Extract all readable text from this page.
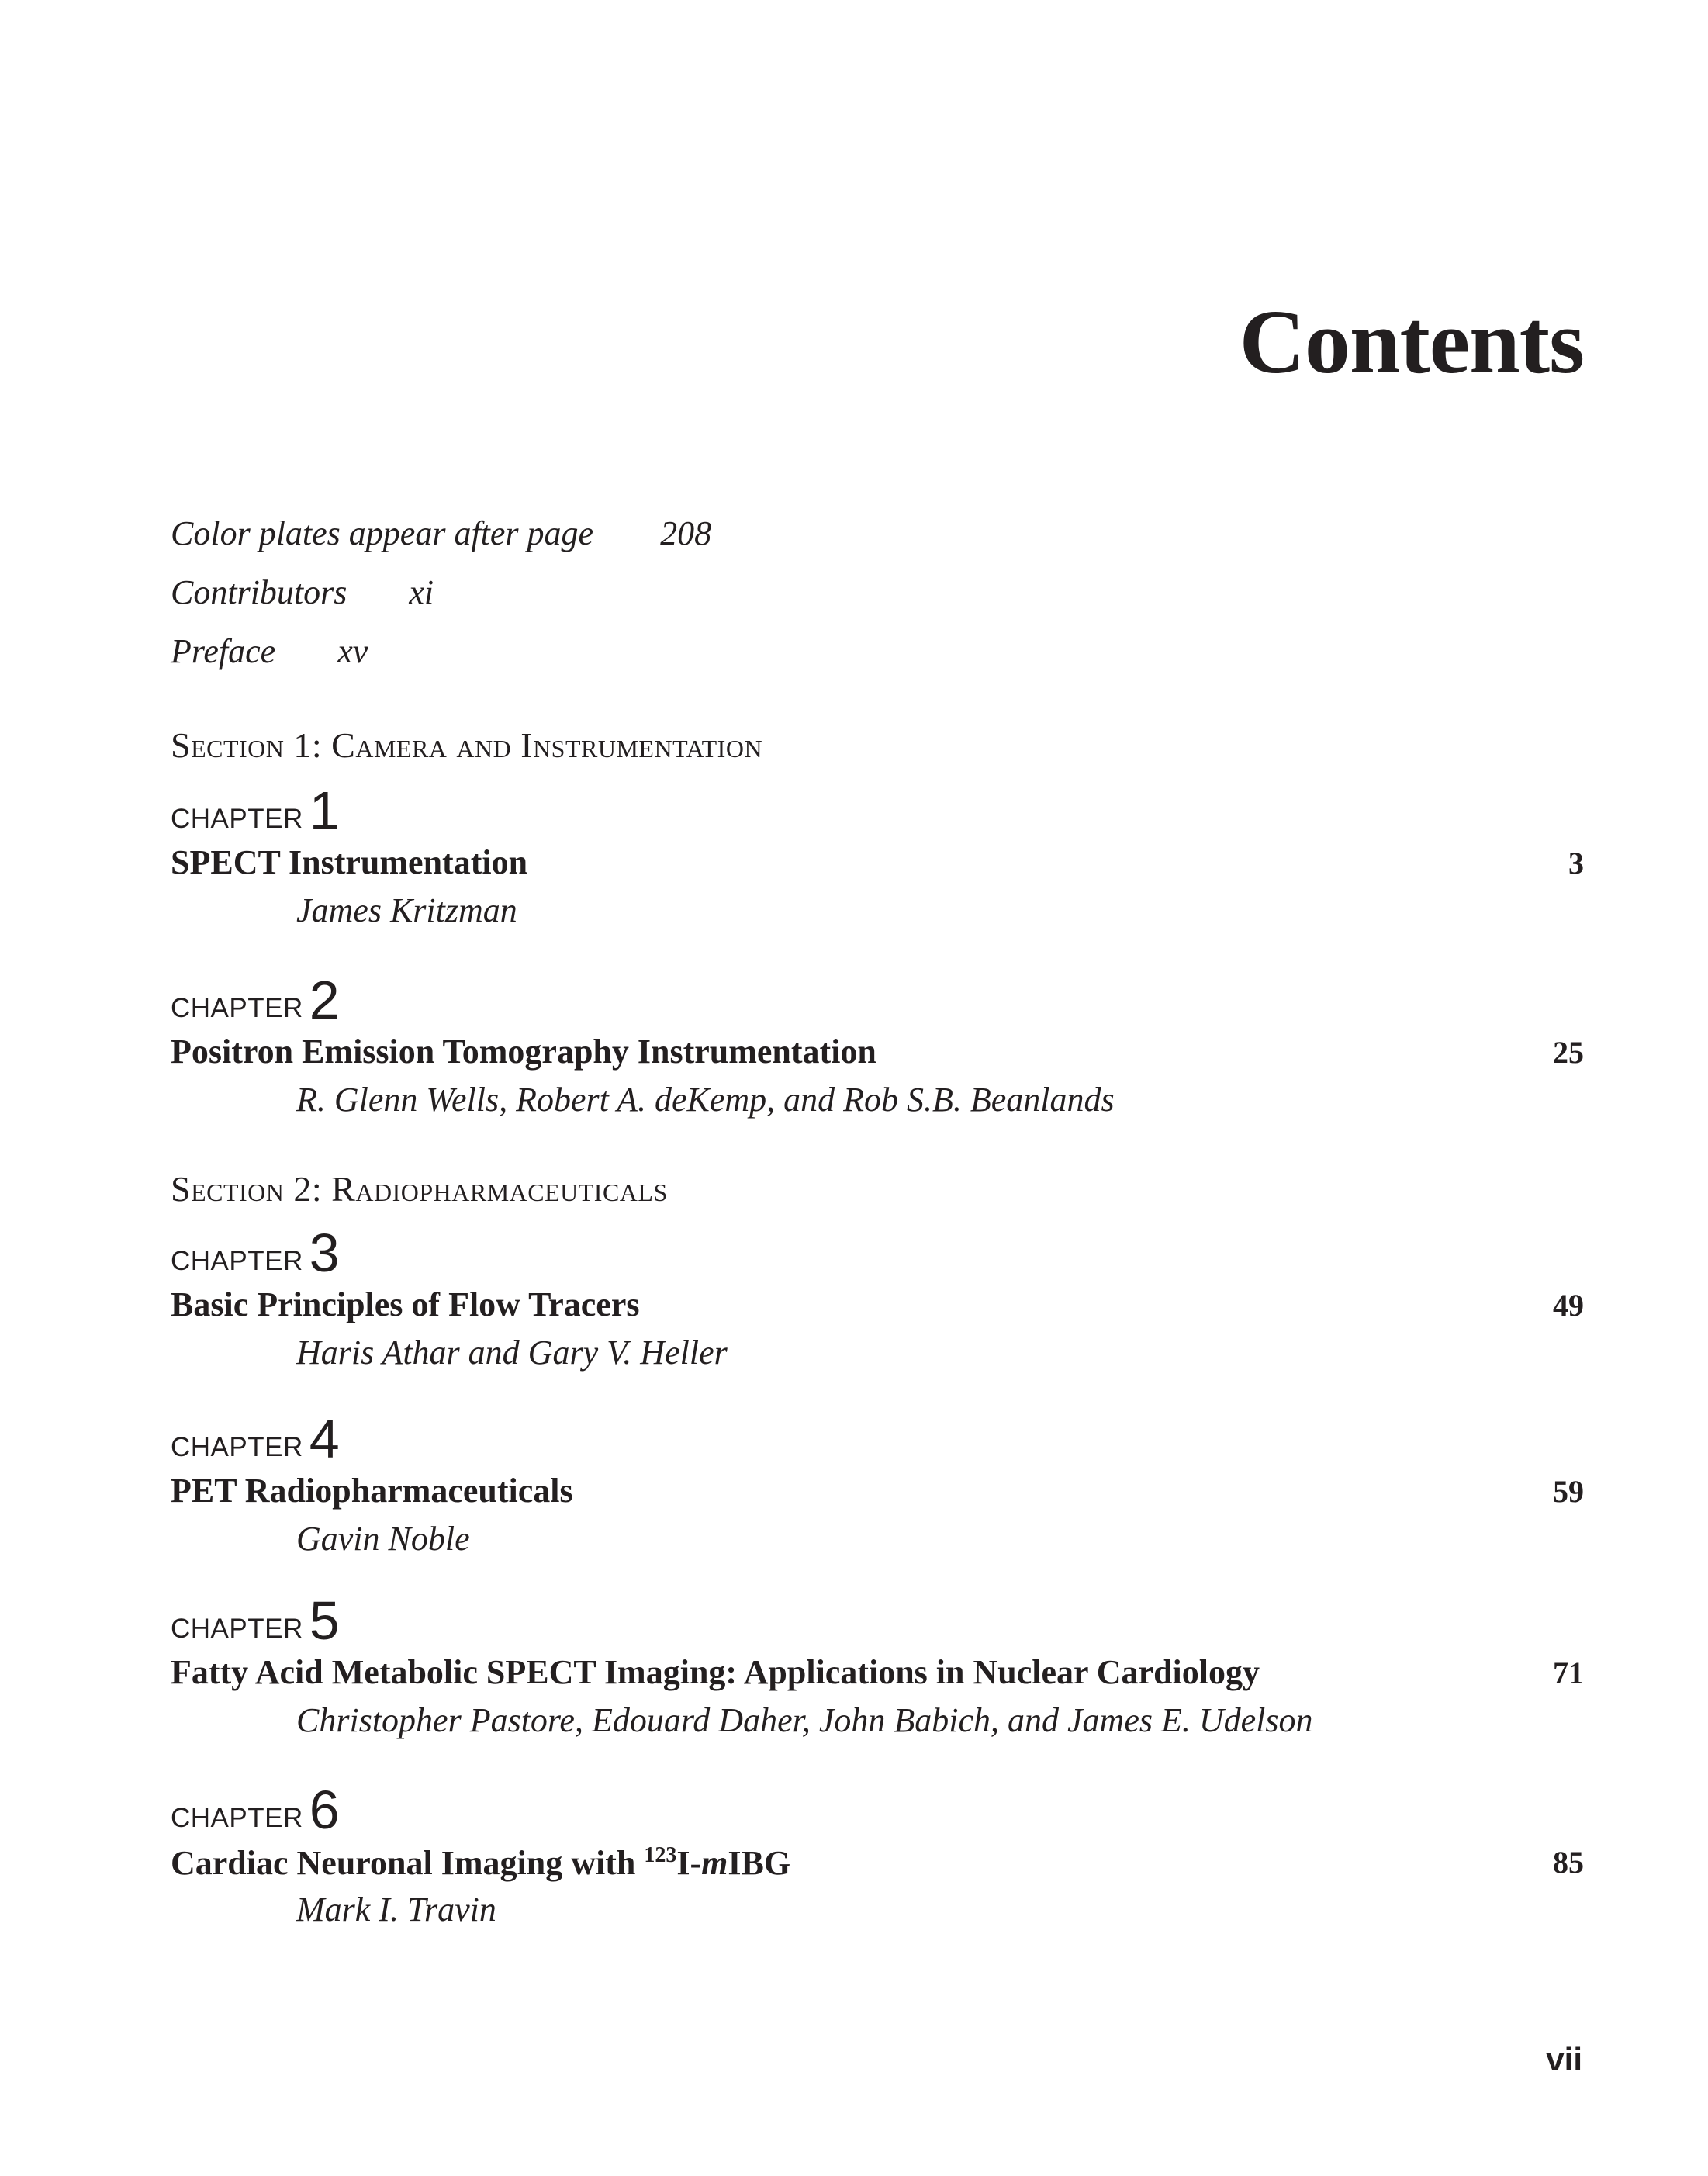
Contents
Color plates appear after page 208
Contributors xi
Preface xv
Section 1: Camera and Instrumentation
CHAPTER 1
SPECT Instrumentation	3
James Kritzman
CHAPTER 2
Positron Emission Tomography Instrumentation	25
R. Glenn Wells, Robert A. deKemp, and Rob S.B. Beanlands
Section 2: Radiopharmaceuticals
CHAPTER 3
Basic Principles of Flow Tracers	49
Haris Athar and Gary V. Heller
CHAPTER 4
PET Radiopharmaceuticals	59
Gavin Noble
CHAPTER 5
Fatty Acid Metabolic SPECT Imaging: Applications in Nuclear Cardiology	71
Christopher Pastore, Edouard Daher, John Babich, and James E. Udelson
CHAPTER 6
Cardiac Neuronal Imaging with $^{123}$I-mIBG	85
Mark I. Travin
vii
